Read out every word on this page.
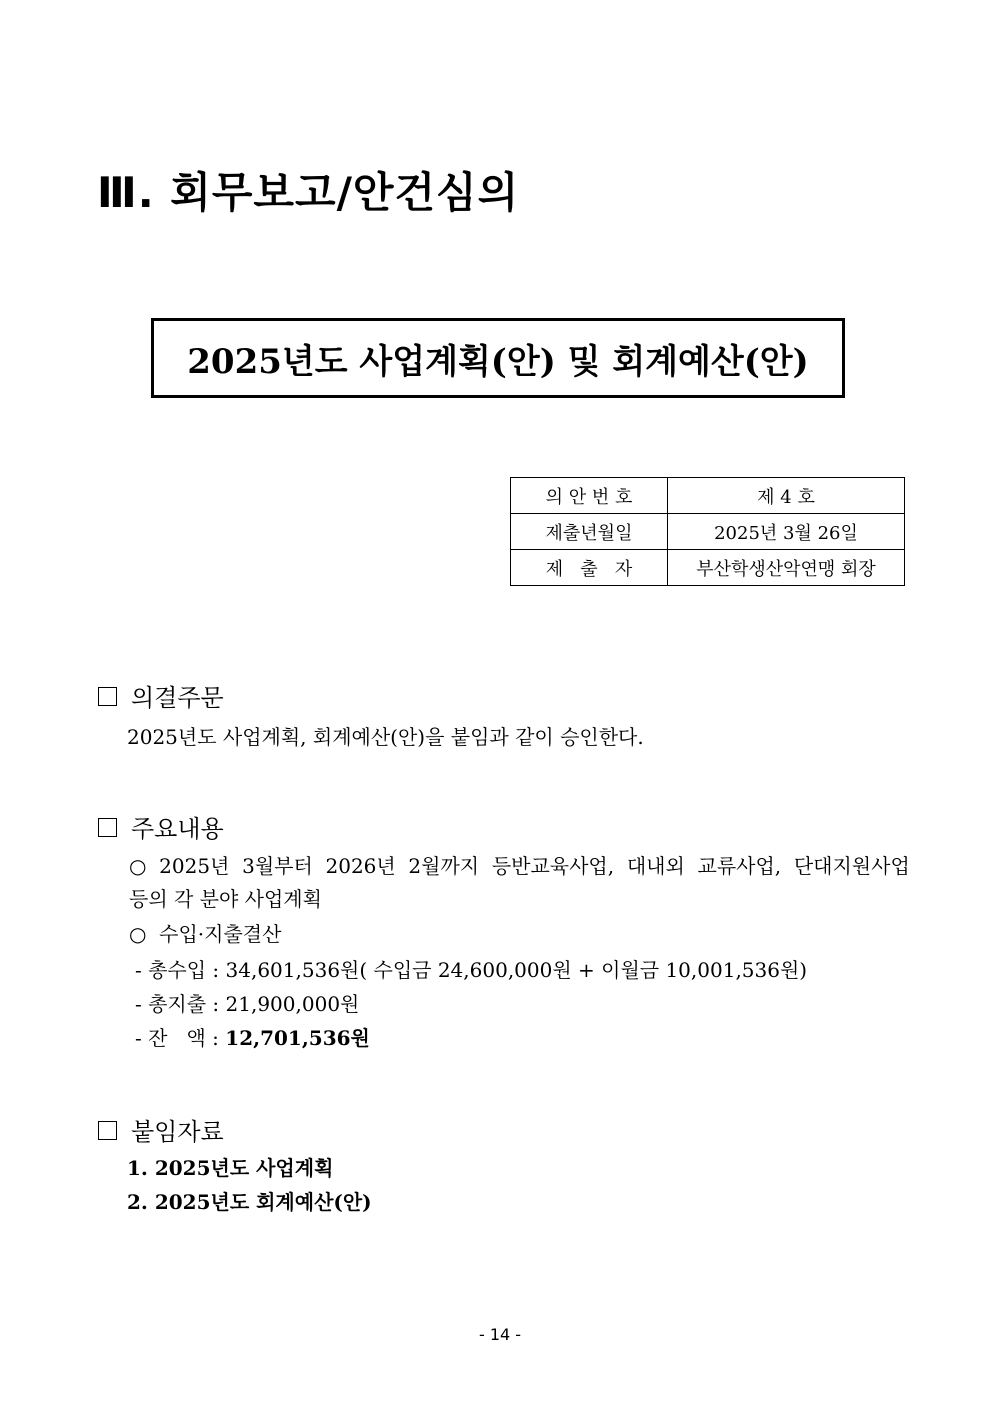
Ⅲ. 회무보고/안건심의
2025년도 사업계획(안) 및 회계예산(안)
의 안 번 호	제 4 호
제출년월일	2025년 3월 26일
제   출   자	부산학생산악연맹 회장
의결주문
2025년도 사업계획, 회계예산(안)을 붙임과 같이 승인한다.
주요내용
○  2025년  3월부터  2026년  2월까지  등반교육사업,  대내외  교류사업,  단대지원사업
등의 각 분야 사업계획
○  수입·지출결산
- 총수입 : 34,601,536원( 수입금 24,600,000원 + 이월금 10,001,536원)
- 총지출 : 21,900,000원
- 잔   액 : 12,701,536원
붙임자료
1. 2025년도 사업계획
2. 2025년도 회계예산(안)
- 14 -
